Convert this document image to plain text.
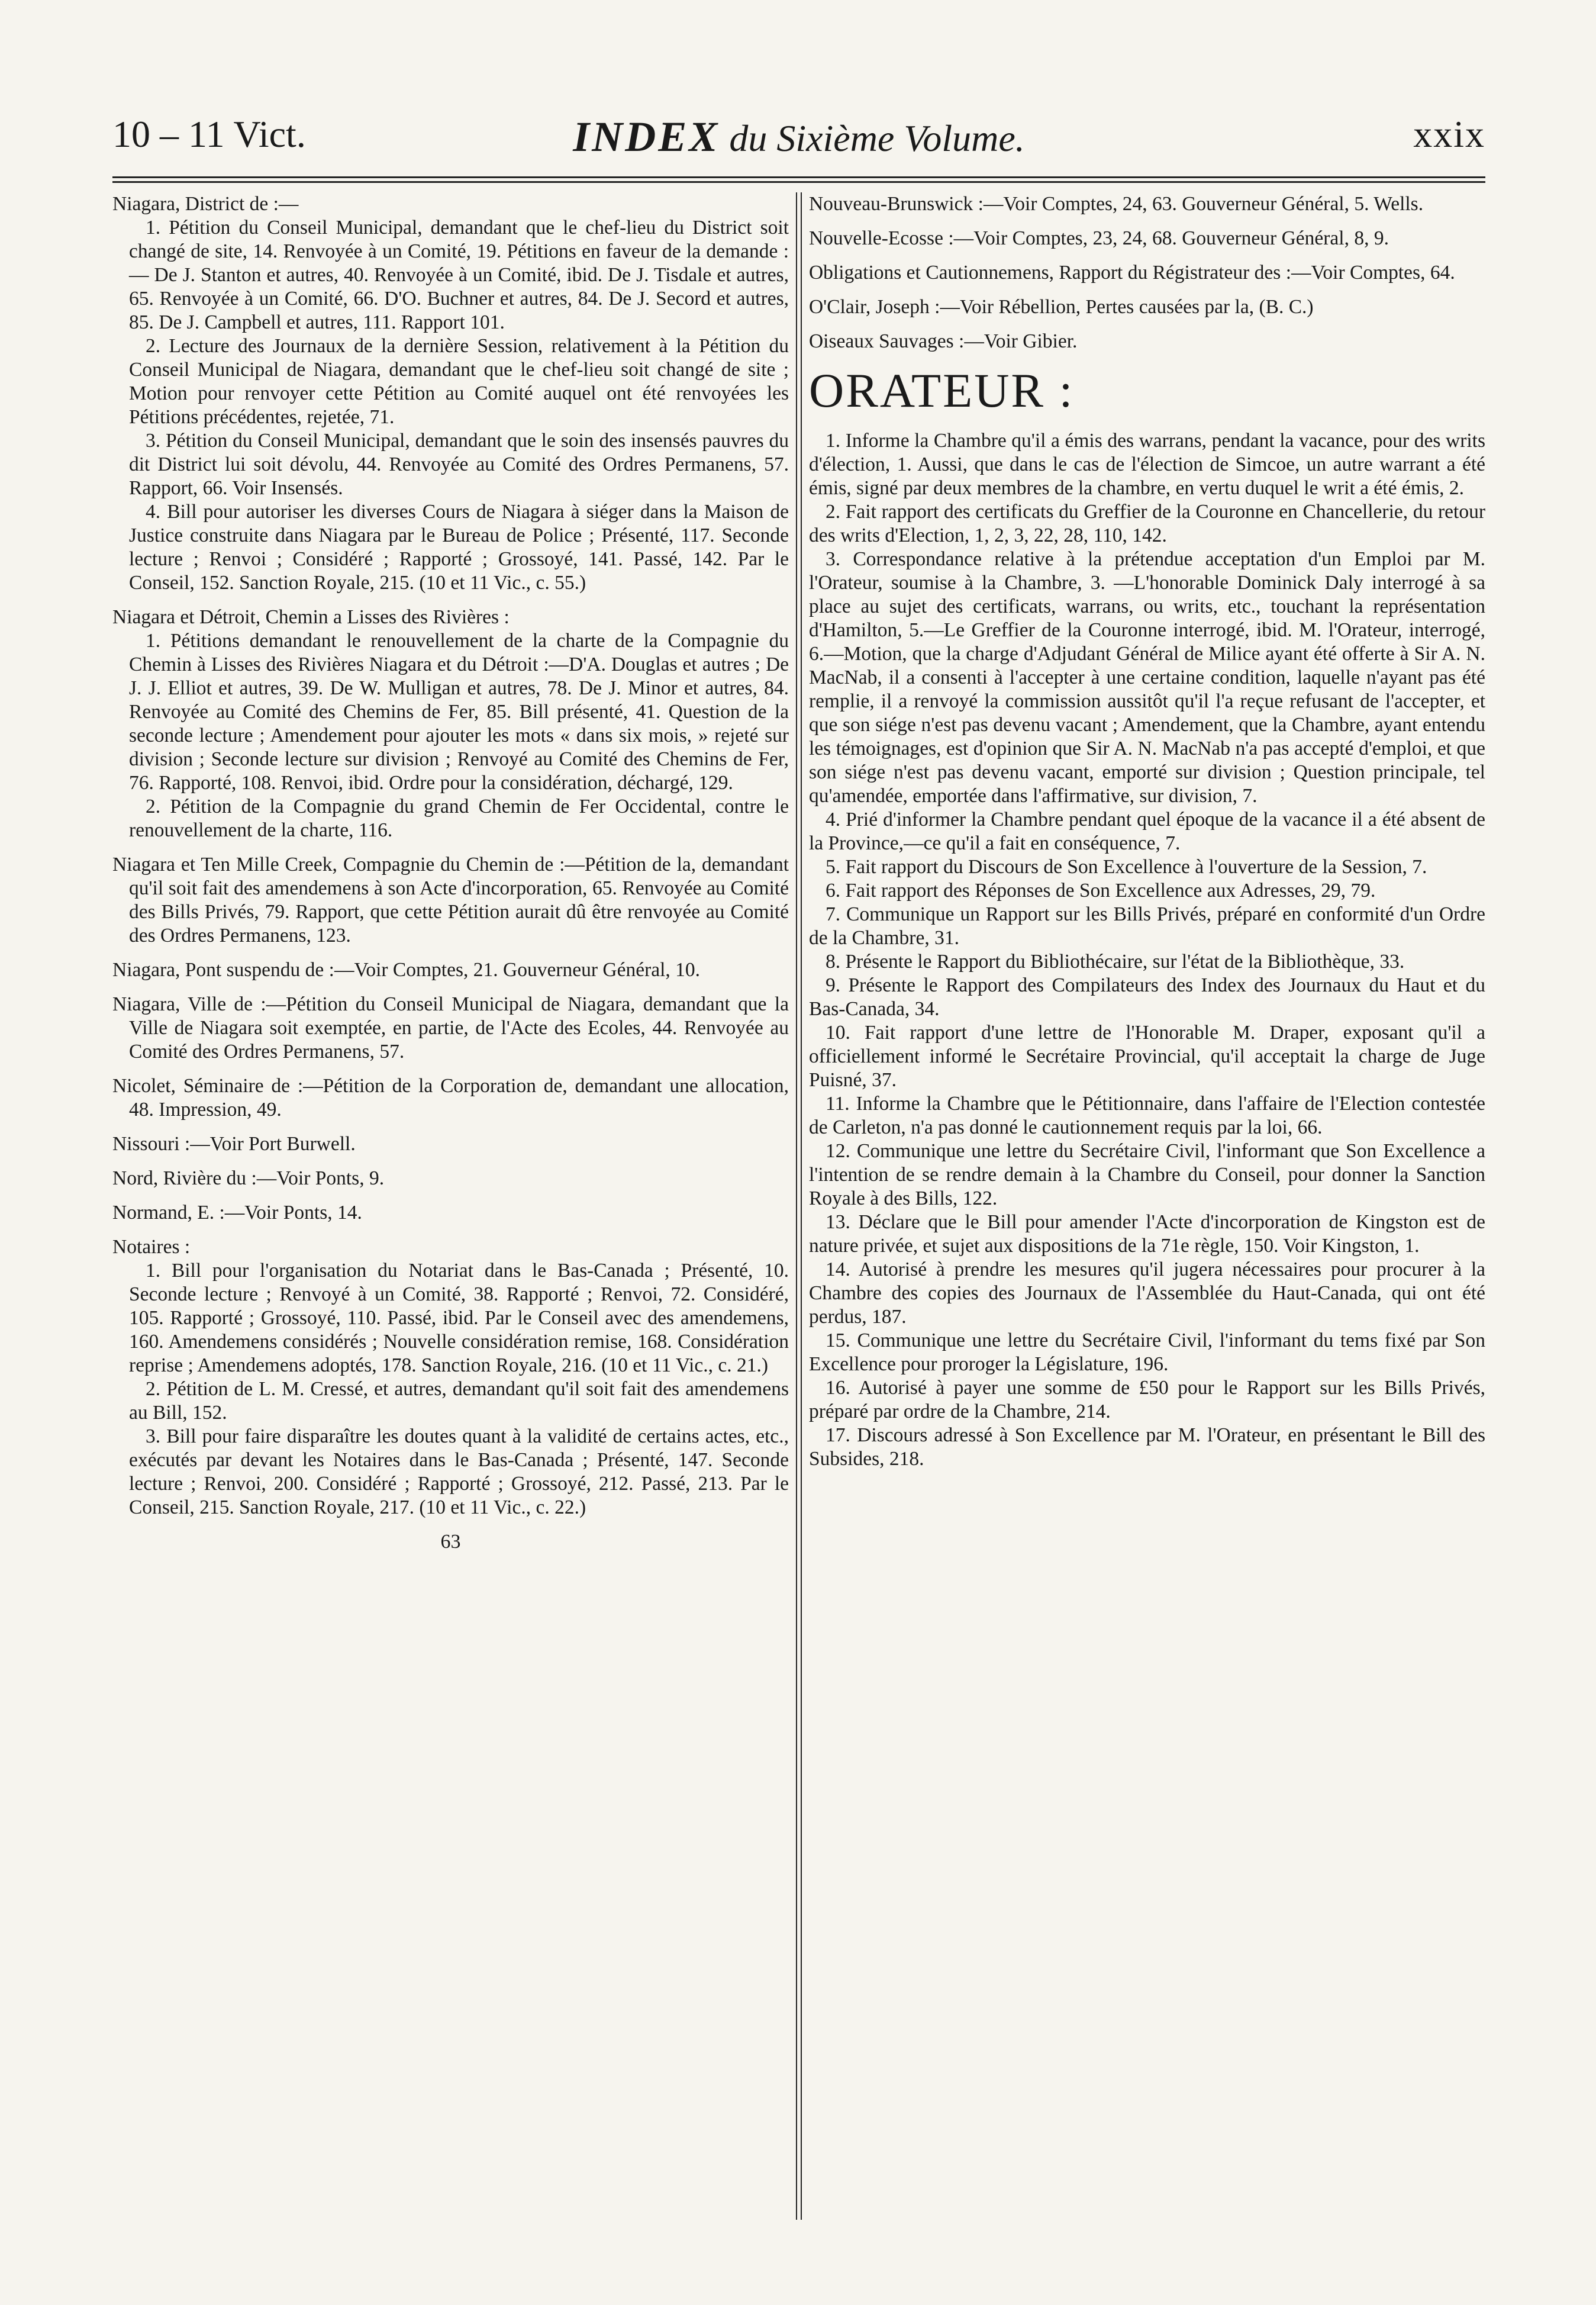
10 – 11 Vict.	INDEX du Sixième Volume.	xxix

Niagara, District de :—

1. Pétition du Conseil Municipal, demandant que le chef-lieu du District soit changé de site, 14. Renvoyée à un Comité, 19. Pétitions en faveur de la demande :— De J. Stanton et autres, 40. Renvoyée à un Comité, ibid. De J. Tisdale et autres, 65. Renvoyée à un Comité, 66. D'O. Buchner et autres, 84. De J. Secord et autres, 85. De J. Campbell et autres, 111. Rapport 101.

2. Lecture des Journaux de la dernière Session, relativement à la Pétition du Conseil Municipal de Niagara, demandant que le chef-lieu soit changé de site ; Motion pour renvoyer cette Pétition au Comité auquel ont été renvoyées les Pétitions précédentes, rejetée, 71.

3. Pétition du Conseil Municipal, demandant que le soin des insensés pauvres du dit District lui soit dévolu, 44. Renvoyée au Comité des Ordres Permanens, 57. Rapport, 66. Voir Insensés.

4. Bill pour autoriser les diverses Cours de Niagara à siéger dans la Maison de Justice construite dans Niagara par le Bureau de Police ; Présenté, 117. Seconde lecture ; Renvoi ; Considéré ; Rapporté ; Grossoyé, 141. Passé, 142. Par le Conseil, 152. Sanction Royale, 215. (10 et 11 Vic., c. 55.)

Niagara et Détroit, Chemin a Lisses des Rivières :

1. Pétitions demandant le renouvellement de la charte de la Compagnie du Chemin à Lisses des Rivières Niagara et du Détroit :—D'A. Douglas et autres ; De J. J. Elliot et autres, 39. De W. Mulligan et autres, 78. De J. Minor et autres, 84. Renvoyée au Comité des Chemins de Fer, 85. Bill présenté, 41. Question de la seconde lecture ; Amendement pour ajouter les mots « dans six mois, » rejeté sur division ; Seconde lecture sur division ; Renvoyé au Comité des Chemins de Fer, 76. Rapporté, 108. Renvoi, ibid. Ordre pour la considération, déchargé, 129.

2. Pétition de la Compagnie du grand Chemin de Fer Occidental, contre le renouvellement de la charte, 116.

Niagara et Ten Mille Creek, Compagnie du Chemin de :—Pétition de la, demandant qu'il soit fait des amendemens à son Acte d'incorporation, 65. Renvoyée au Comité des Bills Privés, 79. Rapport, que cette Pétition aurait dû être renvoyée au Comité des Ordres Permanens, 123.

Niagara, Pont suspendu de :—Voir Comptes, 21. Gouverneur Général, 10.

Niagara, Ville de :—Pétition du Conseil Municipal de Niagara, demandant que la Ville de Niagara soit exemptée, en partie, de l'Acte des Ecoles, 44. Renvoyée au Comité des Ordres Permanens, 57.

Nicolet, Séminaire de :—Pétition de la Corporation de, demandant une allocation, 48. Impression, 49.

Nissouri :—Voir Port Burwell.

Nord, Rivière du :—Voir Ponts, 9.

Normand, E. :—Voir Ponts, 14.

Notaires :

1. Bill pour l'organisation du Notariat dans le Bas-Canada ; Présenté, 10. Seconde lecture ; Renvoyé à un Comité, 38. Rapporté ; Renvoi, 72. Considéré, 105. Rapporté ; Grossoyé, 110. Passé, ibid. Par le Conseil avec des amendemens, 160. Amendemens considérés ; Nouvelle considération remise, 168. Considération reprise ; Amendemens adoptés, 178. Sanction Royale, 216. (10 et 11 Vic., c. 21.)

2. Pétition de L. M. Cressé, et autres, demandant qu'il soit fait des amendemens au Bill, 152.

3. Bill pour faire disparaître les doutes quant à la validité de certains actes, etc., exécutés par devant les Notaires dans le Bas-Canada ; Présenté, 147. Seconde lecture ; Renvoi, 200. Considéré ; Rapporté ; Grossoyé, 212. Passé, 213. Par le Conseil, 215. Sanction Royale, 217. (10 et 11 Vic., c. 22.)

63
Nouveau-Brunswick :—Voir Comptes, 24, 63. Gouverneur Général, 5. Wells.
Nouvelle-Ecosse :—Voir Comptes, 23, 24, 68. Gouverneur Général, 8, 9.
Obligations et Cautionnemens, Rapport du Régistrateur des :—Voir Comptes, 64.
O'Clair, Joseph :—Voir Rébellion, Pertes causées par la, (B. C.)
Oiseaux Sauvages :—Voir Gibier.
ORATEUR :

1. Informe la Chambre qu'il a émis des warrans, pendant la vacance, pour des writs d'élection, 1. Aussi, que dans le cas de l'élection de Simcoe, un autre warrant a été émis, signé par deux membres de la chambre, en vertu duquel le writ a été émis, 2.

2. Fait rapport des certificats du Greffier de la Couronne en Chancellerie, du retour des writs d'Election, 1, 2, 3, 22, 28, 110, 142.

3. Correspondance relative à la prétendue acceptation d'un Emploi par M. l'Orateur, soumise à la Chambre, 3. —L'honorable Dominick Daly interrogé à sa place au sujet des certificats, warrans, ou writs, etc., touchant la représentation d'Hamilton, 5.—Le Greffier de la Couronne interrogé, ibid. M. l'Orateur, interrogé, 6.—Motion, que la charge d'Adjudant Général de Milice ayant été offerte à Sir A. N. MacNab, il a consenti à l'accepter à une certaine condition, laquelle n'ayant pas été remplie, il a renvoyé la commission aussitôt qu'il l'a reçue refusant de l'accepter, et que son siége n'est pas devenu vacant ; Amendement, que la Chambre, ayant entendu les témoignages, est d'opinion que Sir A. N. MacNab n'a pas accepté d'emploi, et que son siége n'est pas devenu vacant, emporté sur division ; Question principale, tel qu'amendée, emportée dans l'affirmative, sur division, 7.

4. Prié d'informer la Chambre pendant quel époque de la vacance il a été absent de la Province,—ce qu'il a fait en conséquence, 7.

5. Fait rapport du Discours de Son Excellence à l'ouverture de la Session, 7.

6. Fait rapport des Réponses de Son Excellence aux Adresses, 29, 79.

7. Communique un Rapport sur les Bills Privés, préparé en conformité d'un Ordre de la Chambre, 31.

8. Présente le Rapport du Bibliothécaire, sur l'état de la Bibliothèque, 33.

9. Présente le Rapport des Compilateurs des Index des Journaux du Haut et du Bas-Canada, 34.

10. Fait rapport d'une lettre de l'Honorable M. Draper, exposant qu'il a officiellement informé le Secrétaire Provincial, qu'il acceptait la charge de Juge Puisné, 37.

11. Informe la Chambre que le Pétitionnaire, dans l'affaire de l'Election contestée de Carleton, n'a pas donné le cautionnement requis par la loi, 66.

12. Communique une lettre du Secrétaire Civil, l'informant que Son Excellence a l'intention de se rendre demain à la Chambre du Conseil, pour donner la Sanction Royale à des Bills, 122.

13. Déclare que le Bill pour amender l'Acte d'incorporation de Kingston est de nature privée, et sujet aux dispositions de la 71e règle, 150. Voir Kingston, 1.

14. Autorisé à prendre les mesures qu'il jugera nécessaires pour procurer à la Chambre des copies des Journaux de l'Assemblée du Haut-Canada, qui ont été perdus, 187.

15. Communique une lettre du Secrétaire Civil, l'informant du tems fixé par Son Excellence pour proroger la Législature, 196.

16. Autorisé à payer une somme de £50 pour le Rapport sur les Bills Privés, préparé par ordre de la Chambre, 214.

17. Discours adressé à Son Excellence par M. l'Orateur, en présentant le Bill des Subsides, 218.
